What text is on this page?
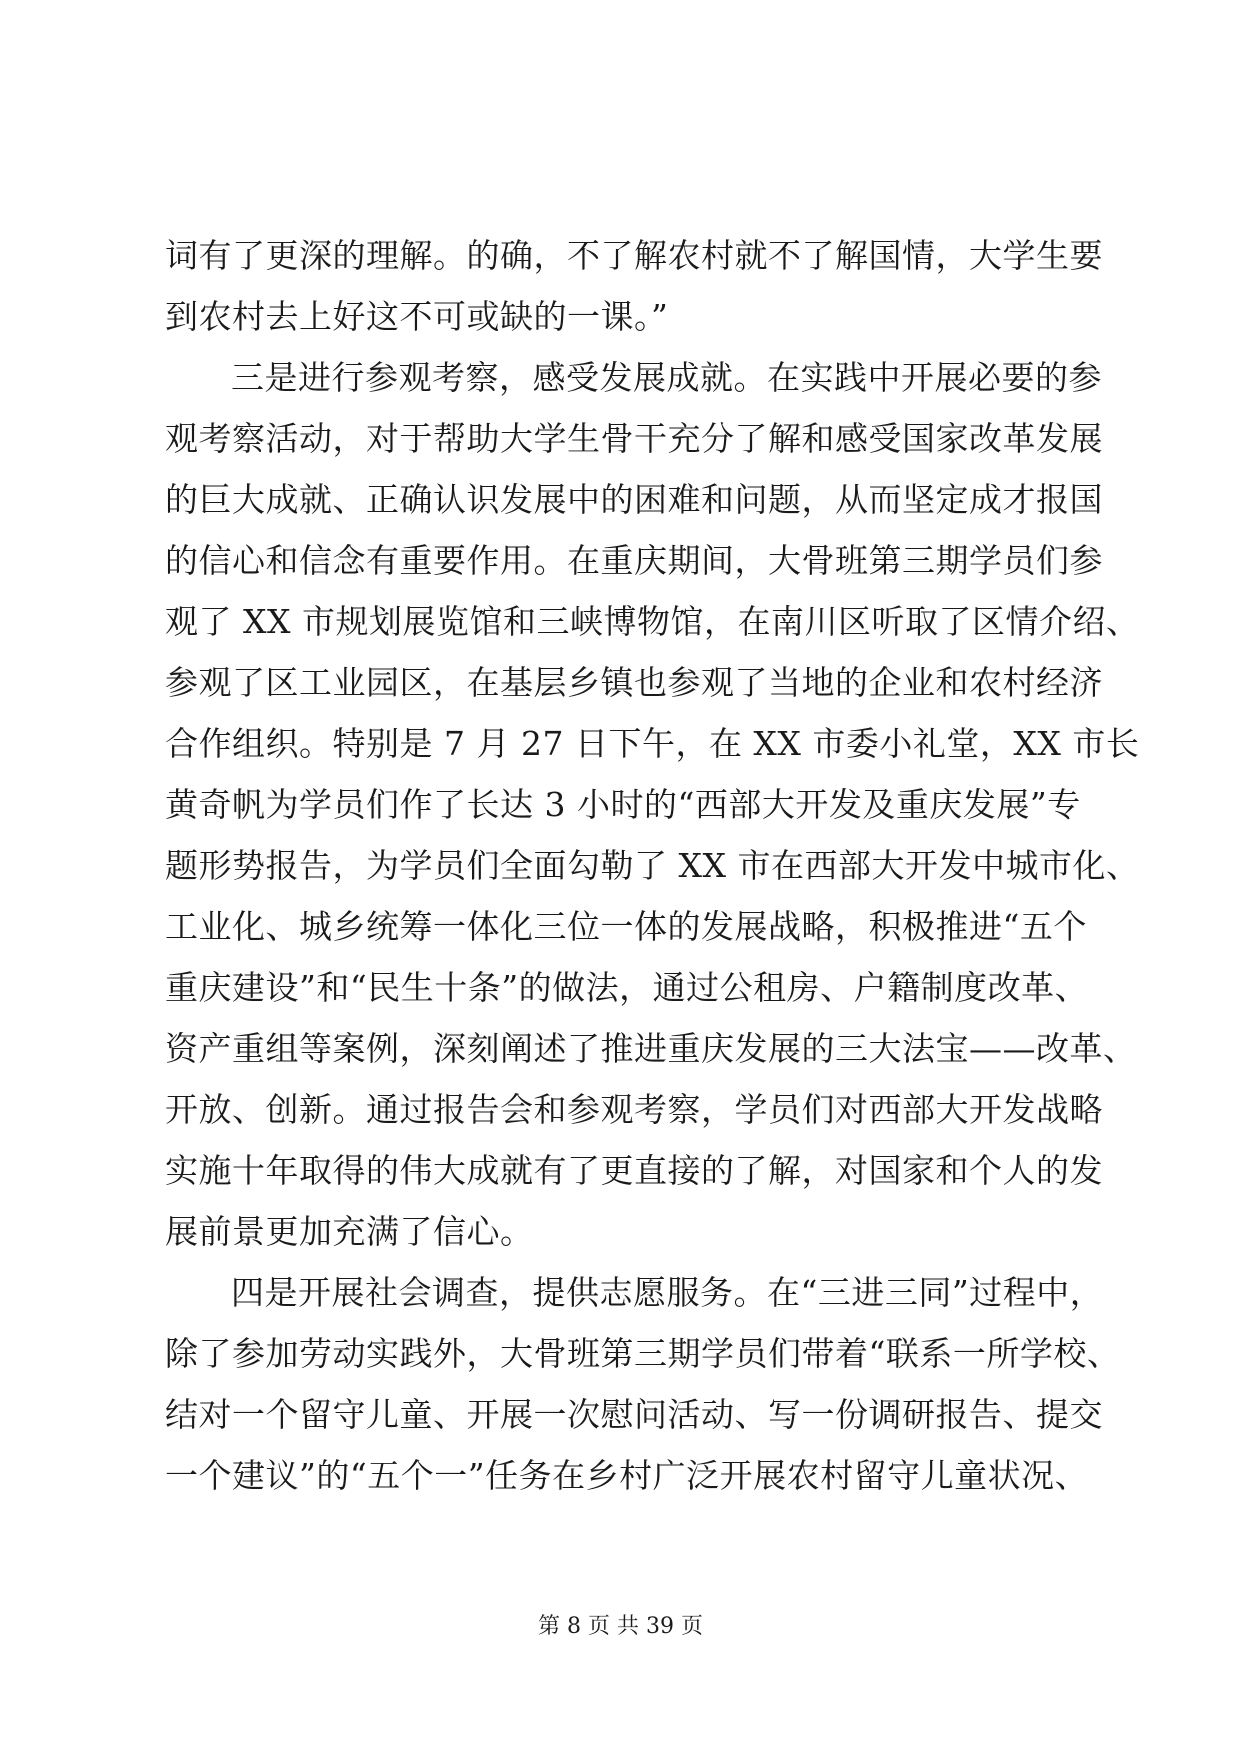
词有了更深的理解。的确，不了解农村就不了解国情，大学生要
到农村去上好这不可或缺的一课。”
三是进行参观考察，感受发展成就。在实践中开展必要的参
观考察活动，对于帮助大学生骨干充分了解和感受国家改革发展
的巨大成就、正确认识发展中的困难和问题，从而坚定成才报国
的信心和信念有重要作用。在重庆期间，大骨班第三期学员们参
观了 XX 市规划展览馆和三峡博物馆，在南川区听取了区情介绍、
参观了区工业园区，在基层乡镇也参观了当地的企业和农村经济
合作组织。特别是 7 月 27 日下午，在 XX 市委小礼堂，XX 市长
黄奇帆为学员们作了长达 3 小时的“西部大开发及重庆发展”专
题形势报告，为学员们全面勾勒了 XX 市在西部大开发中城市化、
工业化、城乡统筹一体化三位一体的发展战略，积极推进“五个
重庆建设”和“民生十条”的做法，通过公租房、户籍制度改革、
资产重组等案例，深刻阐述了推进重庆发展的三大法宝——改革、
开放、创新。通过报告会和参观考察，学员们对西部大开发战略
实施十年取得的伟大成就有了更直接的了解，对国家和个人的发
展前景更加充满了信心。
四是开展社会调查，提供志愿服务。在“三进三同”过程中，
除了参加劳动实践外，大骨班第三期学员们带着“联系一所学校、
结对一个留守儿童、开展一次慰问活动、写一份调研报告、提交
一个建议”的“五个一”任务在乡村广泛开展农村留守儿童状况、
第 8 页 共 39 页
